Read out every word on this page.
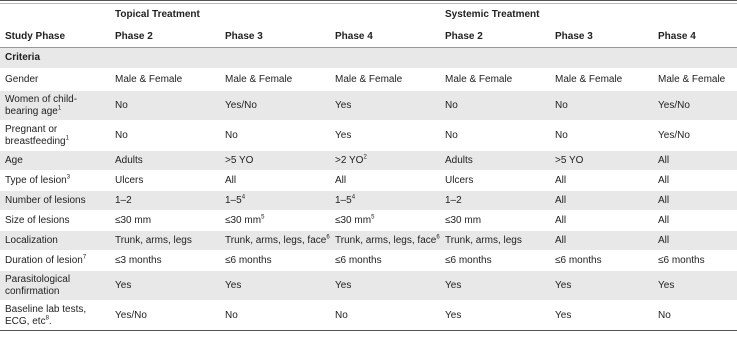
	Topical Treatment			Systemic Treatment		
Study Phase	Phase 2	Phase 3	Phase 4	Phase 2	Phase 3	Phase 4
Criteria						
Gender	Male & Female	Male & Female	Male & Female	Male & Female	Male & Female	Male & Female
Women of child-bearing age$^1$	No	Yes/No	Yes	No	No	Yes/No
Pregnant or breastfeeding$^1$	No	No	Yes	No	No	Yes/No
Age	Adults	>5 YO	>2 $YO^2$	Adults	>5 YO	All
Type of lesion$^3$	Ulcers	All	All	Ulcers	All	All
Number of lesions	1–2	$1-5^4$	$1-5^4$	1–2	All	All
Size of lesions	≤30 mm	≤30 $mm^5$	≤30 $mm^5$	≤30 mm	All	All
Localization	Trunk, arms, legs	Trunk, arms, legs, face$^6$	Trunk, arms, legs, face$^6$	Trunk, arms, legs	All	All
Duration of lesion$^7$	≤3 months	≤6 months	≤6 months	≤6 months	≤6 months	≤6 months
Parasitological confirmation	Yes	Yes	Yes	Yes	Yes	Yes
Baseline lab tests, ECG, etc$^8$.	Yes/No	No	No	Yes	Yes	No
